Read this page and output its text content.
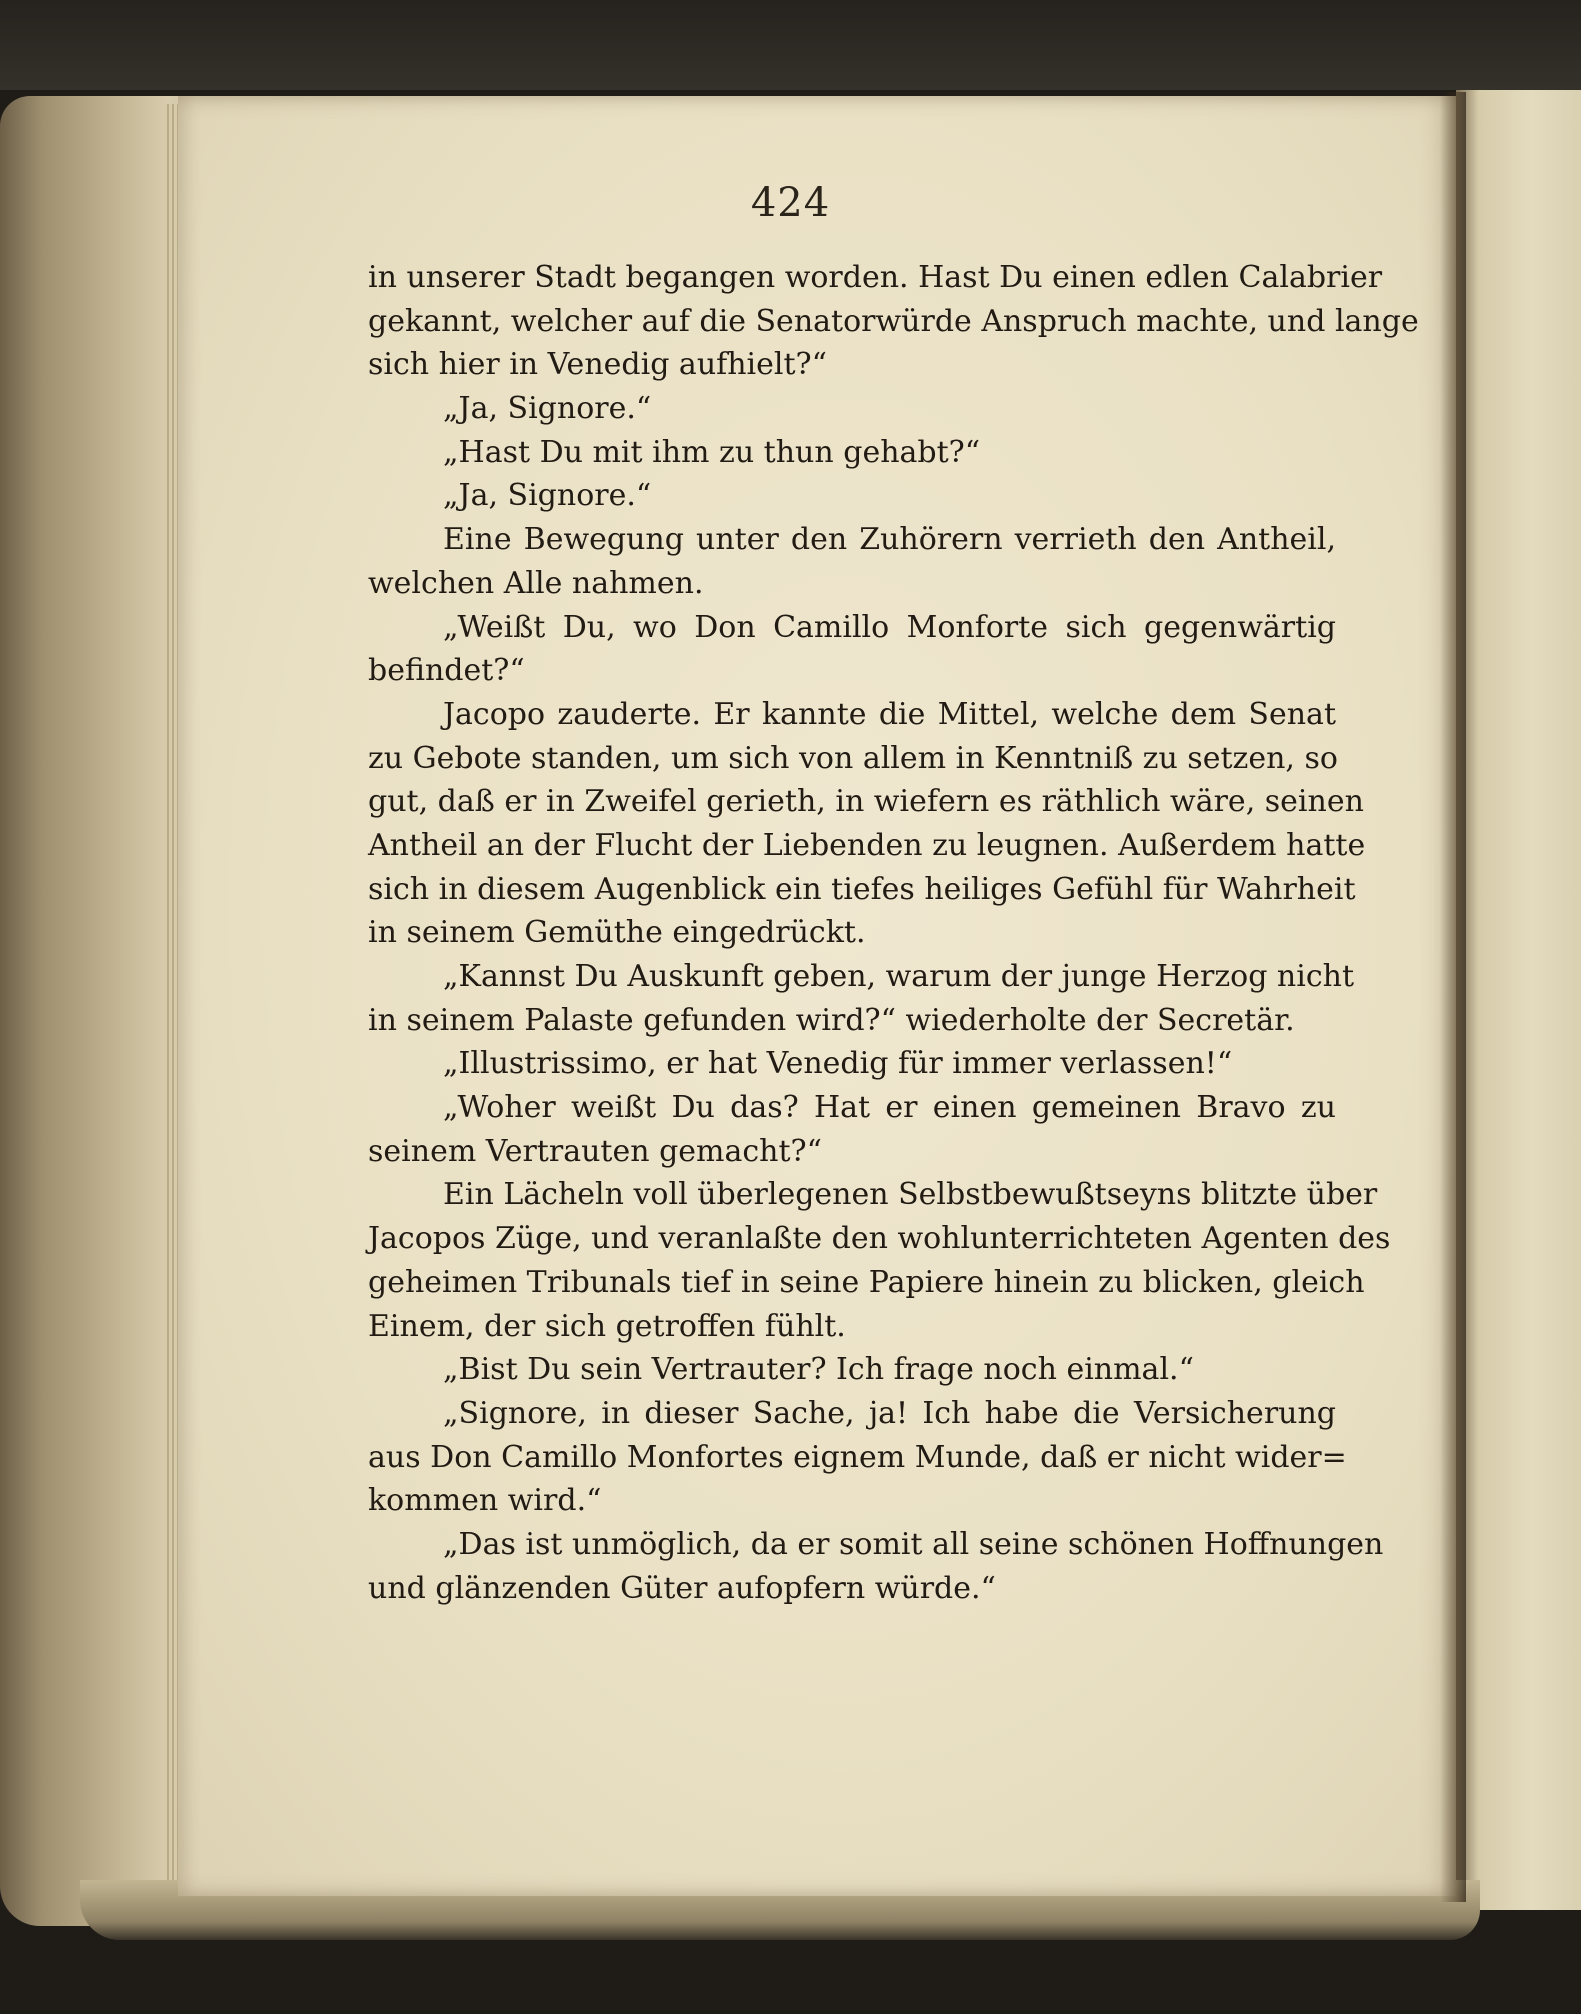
424
in unserer Stadt begangen worden. Hast Du einen edlen Calabrier
gekannt, welcher auf die Senatorwürde Anspruch machte, und lange
sich hier in Venedig aufhielt?“
„Ja, Signore.“
„Hast Du mit ihm zu thun gehabt?“
„Ja, Signore.“
Eine Bewegung unter den Zuhörern verrieth den Antheil,
welchen Alle nahmen.
„Weißt Du, wo Don Camillo Monforte sich gegenwärtig
befindet?“
Jacopo zauderte. Er kannte die Mittel, welche dem Senat
zu Gebote standen, um sich von allem in Kenntniß zu setzen, so
gut, daß er in Zweifel gerieth, in wiefern es räthlich wäre, seinen
Antheil an der Flucht der Liebenden zu leugnen. Außerdem hatte
sich in diesem Augenblick ein tiefes heiliges Gefühl für Wahrheit
in seinem Gemüthe eingedrückt.
„Kannst Du Auskunft geben, warum der junge Herzog nicht
in seinem Palaste gefunden wird?“ wiederholte der Secretär.
„Illustrissimo, er hat Venedig für immer verlassen!“
„Woher weißt Du das? Hat er einen gemeinen Bravo zu
seinem Vertrauten gemacht?“
Ein Lächeln voll überlegenen Selbstbewußtseyns blitzte über
Jacopos Züge, und veranlaßte den wohlunterrichteten Agenten des
geheimen Tribunals tief in seine Papiere hinein zu blicken, gleich
Einem, der sich getroffen fühlt.
„Bist Du sein Vertrauter? Ich frage noch einmal.“
„Signore, in dieser Sache, ja! Ich habe die Versicherung
aus Don Camillo Monfortes eignem Munde, daß er nicht wider=
kommen wird.“
„Das ist unmöglich, da er somit all seine schönen Hoffnungen
und glänzenden Güter aufopfern würde.“
